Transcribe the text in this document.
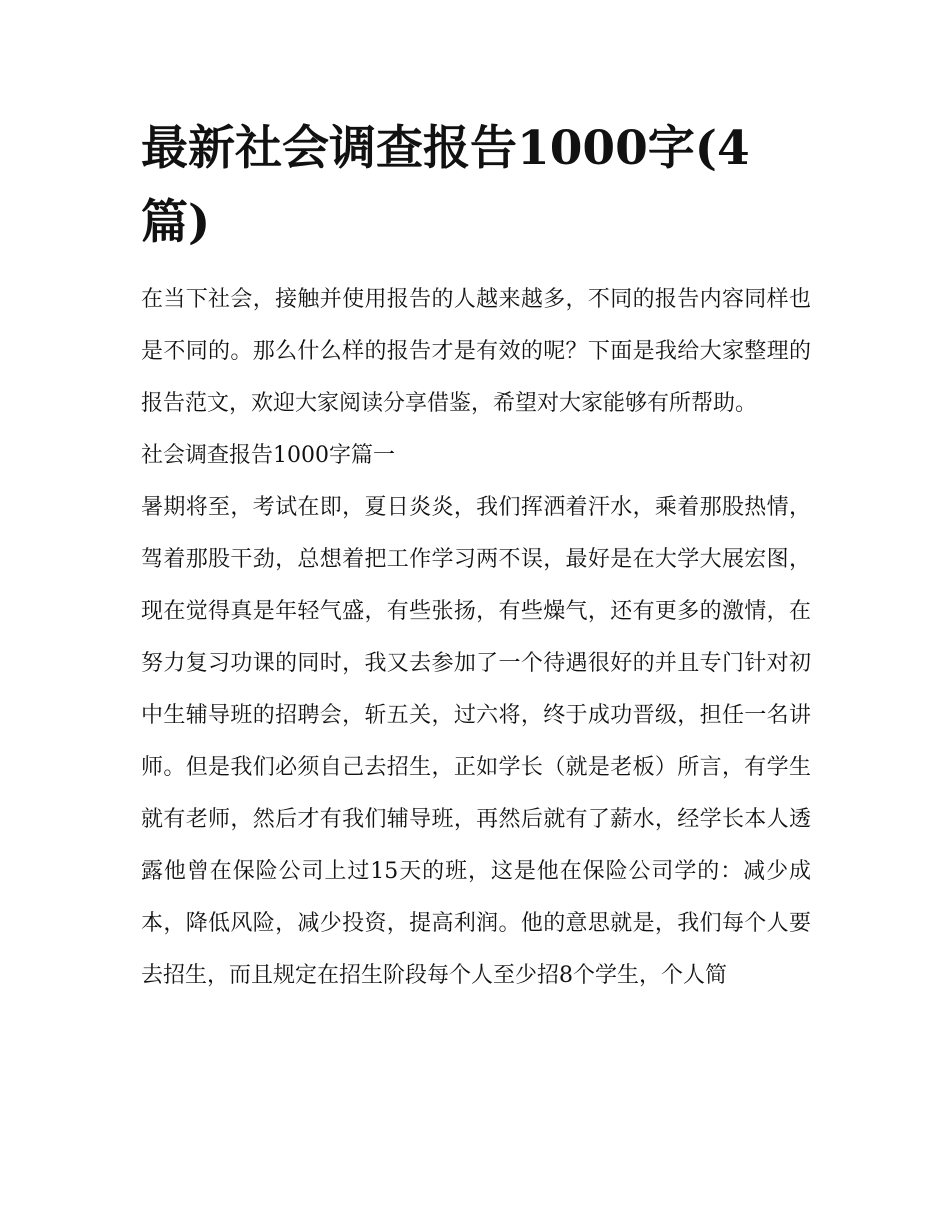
最新社会调查报告1000字(4篇)

在当下社会，接触并使用报告的人越来越多，不同的报告内容同样也是不同的。那么什么样的报告才是有效的呢？下面是我给大家整理的报告范文，欢迎大家阅读分享借鉴，希望对大家能够有所帮助。

社会调查报告1000字篇一

暑期将至，考试在即，夏日炎炎，我们挥洒着汗水，乘着那股热情，驾着那股干劲，总想着把工作学习两不误，最好是在大学大展宏图，现在觉得真是年轻气盛，有些张扬，有些燥气，还有更多的激情，在努力复习功课的同时，我又去参加了一个待遇很好的并且专门针对初中生辅导班的招聘会，斩五关，过六将，终于成功晋级，担任一名讲师。但是我们必须自己去招生，正如学长（就是老板）所言，有学生就有老师，然后才有我们辅导班，再然后就有了薪水，经学长本人透露他曾在保险公司上过15天的班，这是他在保险公司学的：减少成本，降低风险，减少投资，提高利润。他的意思就是，我们每个人要去招生，而且规定在招生阶段每个人至少招8个学生，个人简
